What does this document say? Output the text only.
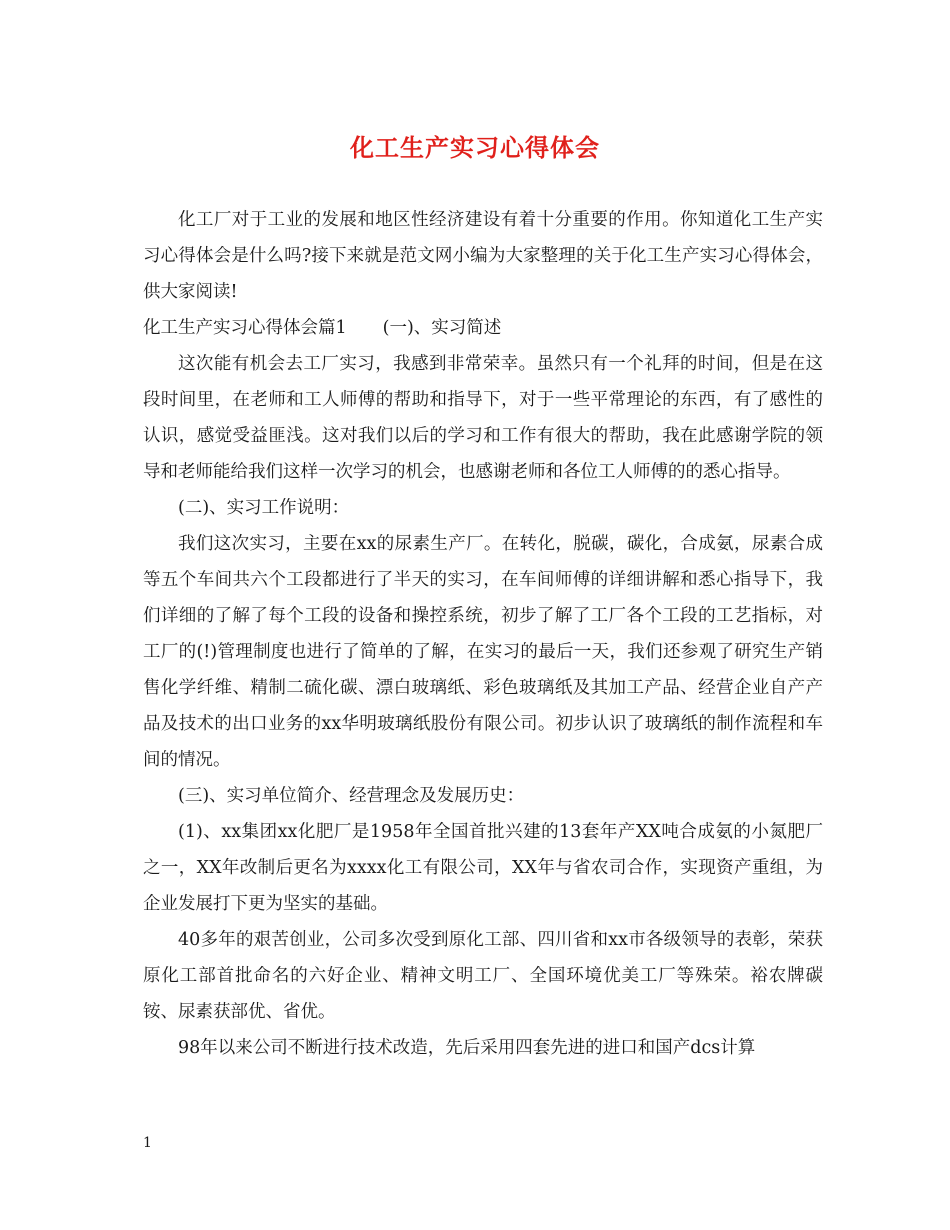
化工生产实习心得体会

化工厂对于工业的发展和地区性经济建设有着十分重要的作用。你知道化工生产实习心得体会是什么吗?接下来就是范文网小编为大家整理的关于化工生产实习心得体会，供大家阅读!

化工生产实习心得体会篇1 (一)、实习简述

这次能有机会去工厂实习，我感到非常荣幸。虽然只有一个礼拜的时间，但是在这段时间里，在老师和工人师傅的帮助和指导下，对于一些平常理论的东西，有了感性的认识，感觉受益匪浅。这对我们以后的学习和工作有很大的帮助，我在此感谢学院的领导和老师能给我们这样一次学习的机会，也感谢老师和各位工人师傅的的悉心指导。

(二)、实习工作说明：

我们这次实习，主要在xx的尿素生产厂。在转化，脱碳，碳化，合成氨，尿素合成等五个车间共六个工段都进行了半天的实习，在车间师傅的详细讲解和悉心指导下，我们详细的了解了每个工段的设备和操控系统，初步了解了工厂各个工段的工艺指标，对工厂的(!)管理制度也进行了简单的了解，在实习的最后一天，我们还参观了研究生产销售化学纤维、精制二硫化碳、漂白玻璃纸、彩色玻璃纸及其加工产品、经营企业自产产品及技术的出口业务的xx华明玻璃纸股份有限公司。初步认识了玻璃纸的制作流程和车间的情况。

(三)、实习单位简介、经营理念及发展历史：

(1)、xx集团xx化肥厂是1958年全国首批兴建的13套年产XX吨合成氨的小氮肥厂之一，XX年改制后更名为xxxx化工有限公司，XX年与省农司合作，实现资产重组，为企业发展打下更为坚实的基础。

40多年的艰苦创业，公司多次受到原化工部、四川省和xx市各级领导的表彰，荣获原化工部首批命名的六好企业、精神文明工厂、全国环境优美工厂等殊荣。裕农牌碳铵、尿素获部优、省优。

98年以来公司不断进行技术改造，先后采用四套先进的进口和国产dcs计算

1
